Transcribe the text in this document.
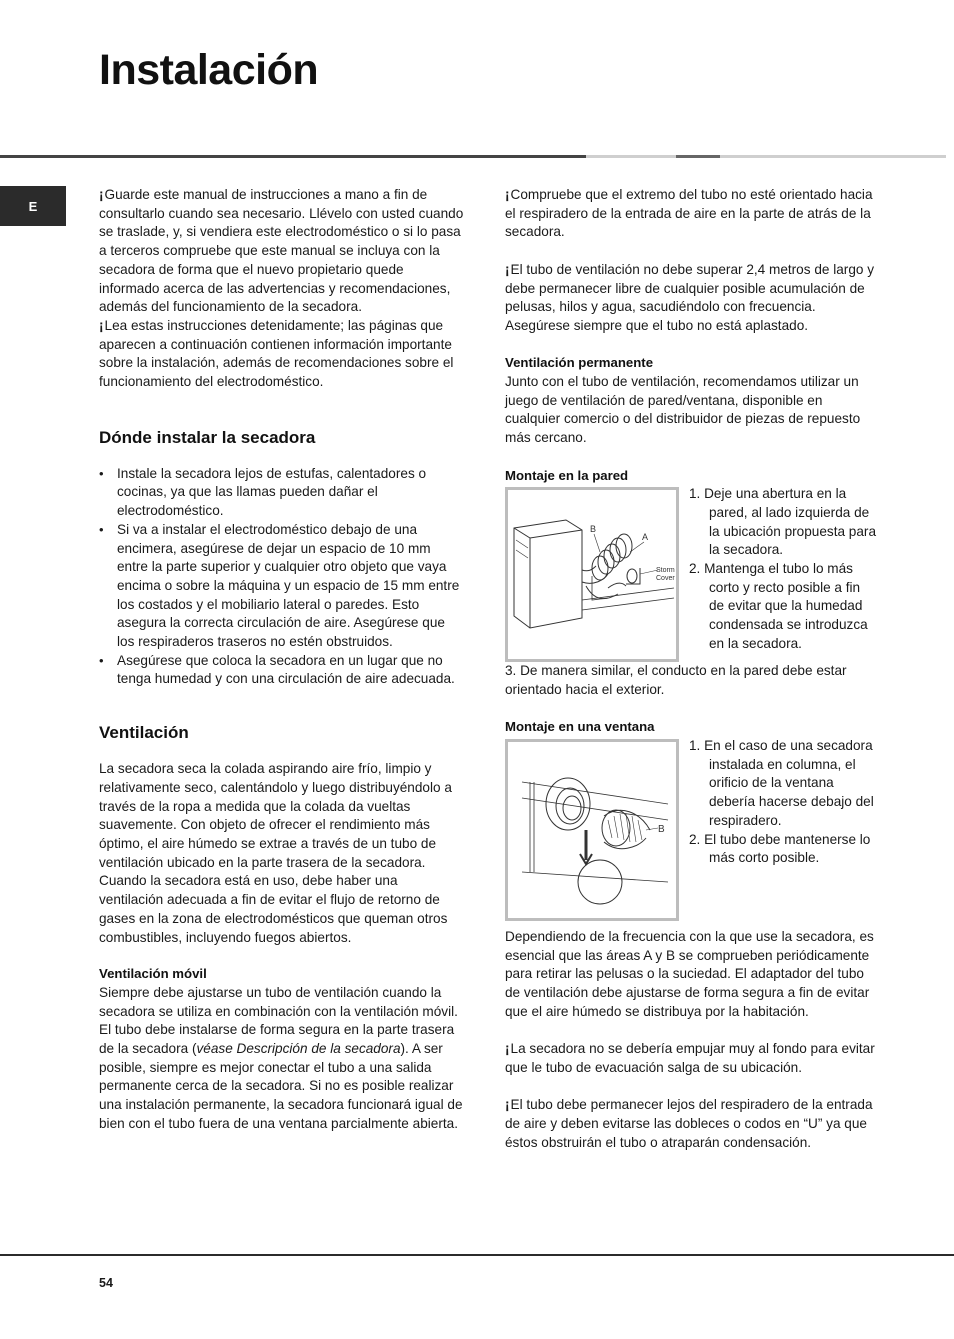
Instalación
E

¡Guarde este manual de instrucciones a mano a fin de consultarlo cuando sea necesario. Llévelo con usted cuando se traslade, y, si vendiera este electrodoméstico o si lo pasa a terceros compruebe que este manual se incluya con la secadora de forma que el nuevo propietario quede informado acerca de las advertencias y recomendaciones, además del funcionamiento de la secadora.

¡Lea estas instrucciones detenidamente; las páginas que aparecen a continuación contienen información importante sobre la instalación, además de recomendaciones sobre el funcionamiento del electrodoméstico.

Dónde instalar la secadora
• Instale la secadora lejos de estufas, calentadores o cocinas, ya que las llamas pueden dañar el electrodoméstico.
• Si va a instalar el electrodoméstico debajo de una encimera, asegúrese de dejar un espacio de 10 mm entre la parte superior y cualquier otro objeto que vaya encima o sobre la máquina y un espacio de 15 mm entre los costados y el mobiliario lateral o paredes. Esto asegura la correcta circulación de aire. Asegúrese que los respiraderos traseros no estén obstruidos.
• Asegúrese que coloca la secadora en un lugar que no tenga humedad y con una circulación de aire adecuada.
Ventilación

La secadora seca la colada aspirando aire frío, limpio y relativamente seco, calentándolo y luego distribuyéndolo a través de la ropa a medida que la colada da vueltas suavemente. Con objeto de ofrecer el rendimiento más óptimo, el aire húmedo se extrae a través de un tubo de ventilación ubicado en la parte trasera de la secadora.

Cuando la secadora está en uso, debe haber una ventilación adecuada a fin de evitar el flujo de retorno de gases en la zona de electrodomésticos que queman otros combustibles, incluyendo fuegos abiertos.

Ventilación móvil

Siempre debe ajustarse un tubo de ventilación cuando la secadora se utiliza en combinación con la ventilación móvil. El tubo debe instalarse de forma segura en la parte trasera de la secadora (véase Descripción de la secadora). A ser posible, siempre es mejor conectar el tubo a una salida permanente cerca de la secadora. Si no es posible realizar una instalación permanente, la secadora funcionará igual de bien con el tubo fuera de una ventana parcialmente abierta.

¡Compruebe que el extremo del tubo no esté orientado hacia el respiradero de la entrada de aire en la parte de atrás de la secadora.

¡El tubo de ventilación no debe superar 2,4 metros de largo y debe permanecer libre de cualquier posible acumulación de pelusas, hilos y agua, sacudiéndolo con frecuencia. Asegúrese siempre que el tubo no está aplastado.

Ventilación permanente

Junto con el tubo de ventilación, recomendamos utilizar un juego de ventilación de pared/ventana, disponible en cualquier comercio o del distribuidor de piezas de repuesto más cercano.

Montaje en la pared
B
A
Storm
Cover
1. Deje una abertura en la pared, al lado izquierda de la ubicación propuesta para la secadora.
2. Mantenga el tubo lo más corto y recto posible a fin de evitar que la humedad condensada se introduzca en la secadora.

3. De manera similar, el conducto en la pared debe estar orientado hacia el exterior.

Montaje en una ventana
B
1. En el caso de una secadora instalada en columna, el orificio de la ventana debería hacerse debajo del respiradero.
2. El tubo debe mantenerse lo más corto posible.

Dependiendo de la frecuencia con la que use la secadora, es esencial que las áreas A y B se comprueben periódicamente para retirar las pelusas o la suciedad. El adaptador del tubo de ventilación debe ajustarse de forma segura a fin de evitar que el aire húmedo se distribuya por la habitación.

¡La secadora no se debería empujar muy al fondo para evitar que le tubo de evacuación salga de su ubicación.

¡El tubo debe permanecer lejos del respiradero de la entrada de aire y deben evitarse las dobleces o codos en “U” ya que éstos obstruirán el tubo o atraparán condensación.

54
